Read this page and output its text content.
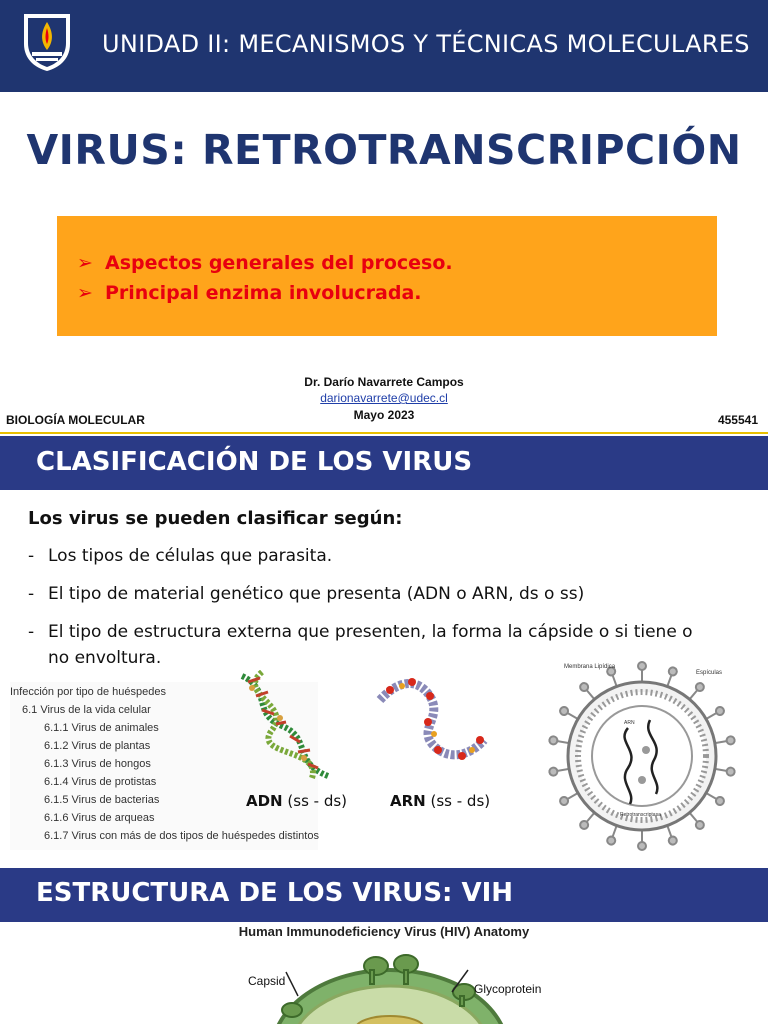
UNIDAD II: MECANISMOS Y TÉCNICAS MOLECULARES
VIRUS: RETROTRANSCRIPCIÓN
➢ Aspectos generales del proceso.
➢ Principal enzima involucrada.
Dr. Darío Navarrete Campos
darionavarrete@udec.cl
Mayo 2023
BIOLOGÍA MOLECULAR	455541
CLASIFICACIÓN DE LOS VIRUS
Los virus se pueden clasificar según:
- Los tipos de células que parasita.
- El tipo de material genético que presenta (ADN o ARN, ds o ss)
- El tipo de estructura externa que presenten, la forma la cápside o si tiene o
no envoltura.
Infección por tipo de huéspedes
6.1 Virus de la vida celular
6.1.1 Virus de animales
6.1.2 Virus de plantas
6.1.3 Virus de hongos
6.1.4 Virus de protistas
6.1.5 Virus de bacterias
6.1.6 Virus de arqueas
6.1.7 Virus con más de dos tipos de huéspedes distintos
ADN (ss - ds)	ARN (ss - ds)
Membrana Lipídica
Espículas
ARN
Retrotranscriptasa
ESTRUCTURA DE LOS VIRUS: VIH
Human Immunodeficiency Virus (HIV) Anatomy
Capsid
Glycoprotein
